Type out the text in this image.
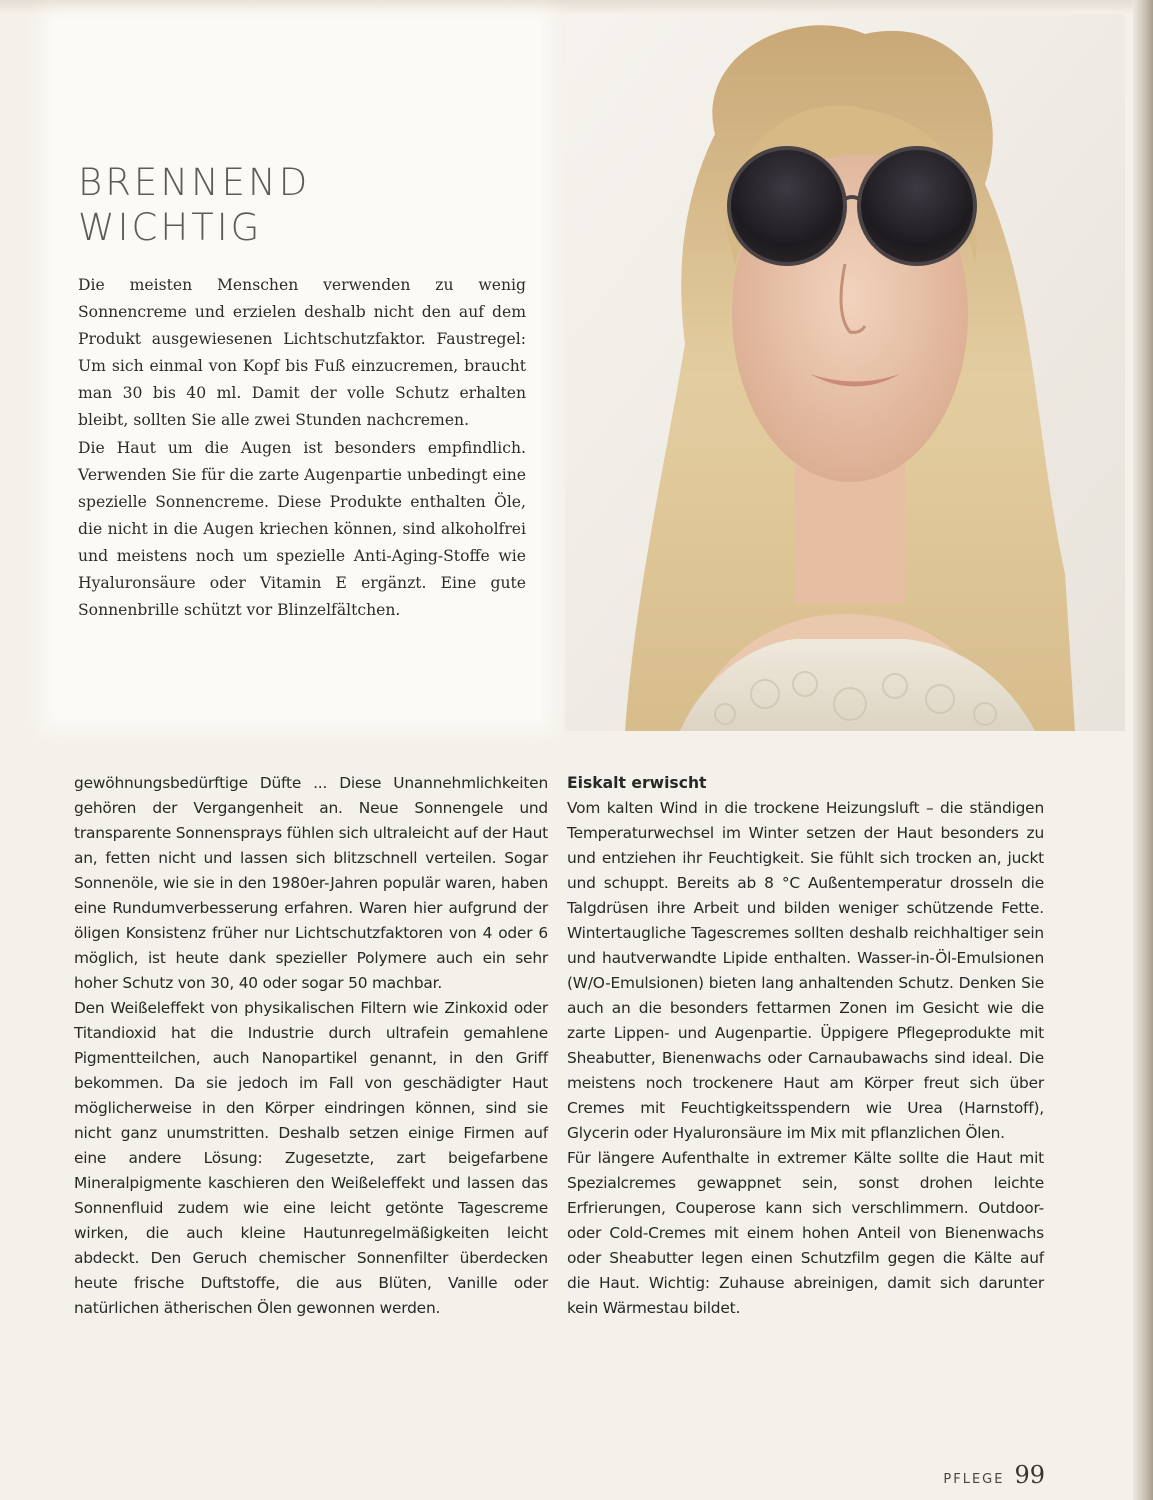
BRENNEND
WICHTIG

Die meisten Menschen verwenden zu wenig Sonnencreme und erzielen deshalb nicht den auf dem Produkt ausgewiesenen Lichtschutzfaktor. Faustregel: Um sich einmal von Kopf bis Fuß einzucremen, braucht man 30 bis 40 ml. Damit der volle Schutz erhalten bleibt, sollten Sie alle zwei Stunden nachcremen.

Die Haut um die Augen ist besonders empfindlich. Verwenden Sie für die zarte Augenpartie unbedingt eine spezielle Sonnencreme. Diese Produkte enthalten Öle, die nicht in die Augen kriechen können, sind alkoholfrei und meistens noch um spezielle Anti-Aging-Stoffe wie Hyaluronsäure oder Vitamin E ergänzt. Eine gute Sonnenbrille schützt vor Blinzelfältchen.

gewöhnungsbedürftige Düfte ... Diese Unannehmlichkeiten gehören der Vergangenheit an. Neue Sonnengele und transparente Sonnensprays fühlen sich ultraleicht auf der Haut an, fetten nicht und lassen sich blitzschnell verteilen. Sogar Sonnenöle, wie sie in den 1980er-Jahren populär waren, haben eine Rundumverbesserung erfahren. Waren hier aufgrund der öligen Konsistenz früher nur Lichtschutzfaktoren von 4 oder 6 möglich, ist heute dank spezieller Polymere auch ein sehr hoher Schutz von 30, 40 oder sogar 50 machbar.

Den Weißeleffekt von physikalischen Filtern wie Zinkoxid oder Titandioxid hat die Industrie durch ultrafein gemahlene Pigmentteilchen, auch Nanopartikel genannt, in den Griff bekommen. Da sie jedoch im Fall von geschädigter Haut möglicherweise in den Körper eindringen können, sind sie nicht ganz unumstritten. Deshalb setzen einige Firmen auf eine andere Lösung: Zugesetzte, zart beigefarbene Mineralpigmente kaschieren den Weißeleffekt und lassen das Sonnenfluid zudem wie eine leicht getönte Tagescreme wirken, die auch kleine Hautunregelmäßigkeiten leicht abdeckt. Den Geruch chemischer Sonnenfilter überdecken heute frische Duftstoffe, die aus Blüten, Vanille oder natürlichen ätherischen Ölen gewonnen werden.

Eiskalt erwischt

Vom kalten Wind in die trockene Heizungsluft – die ständigen Temperaturwechsel im Winter setzen der Haut besonders zu und entziehen ihr Feuchtigkeit. Sie fühlt sich trocken an, juckt und schuppt. Bereits ab 8 °C Außentemperatur drosseln die Talgdrüsen ihre Arbeit und bilden weniger schützende Fette. Wintertaugliche Tagescremes sollten deshalb reichhaltiger sein und hautverwandte Lipide enthalten. Wasser-in-Öl-Emulsionen (W/O-Emulsionen) bieten lang anhaltenden Schutz. Denken Sie auch an die besonders fettarmen Zonen im Gesicht wie die zarte Lippen- und Augenpartie. Üppigere Pflegeprodukte mit Sheabutter, Bienenwachs oder Carnaubawachs sind ideal. Die meistens noch trockenere Haut am Körper freut sich über Cremes mit Feuchtigkeitsspendern wie Urea (Harnstoff), Glycerin oder Hyaluronsäure im Mix mit pflanzlichen Ölen.

Für längere Aufenthalte in extremer Kälte sollte die Haut mit Spezialcremes gewappnet sein, sonst drohen leichte Erfrierungen, Couperose kann sich verschlimmern. Outdoor- oder Cold-Cremes mit einem hohen Anteil von Bienenwachs oder Sheabutter legen einen Schutzfilm gegen die Kälte auf die Haut. Wichtig: Zuhause abreinigen, damit sich darunter kein Wärmestau bildet.

PFLEGE 99
